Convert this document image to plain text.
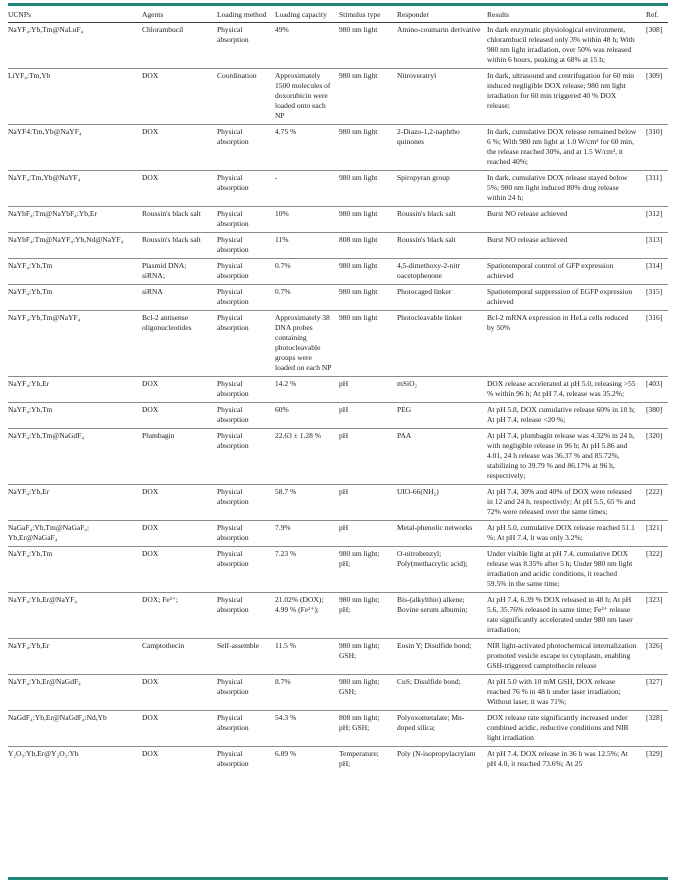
UCNPs	Agents	Loading method	Loading capacity	Stimulus type	Responder	Results	Ref.
NaYF₄:Yb,Tm@NaLuF₄	Chlorambucil	Physical absorption	49%	980 nm light	Amino-coumarin derivative	In dark enzymatic physiological environment, chlorambucil released only 3% within 48 h; With 980 nm light irradiation, over 50% was released within 6 hours, peaking at 68% at 15 h;	[308]
LiYF₄:Tm,Yb	DOX	Coordination	Approximately 1500 molecules of doxorubicin were loaded onto each NP	980 nm light	Nitroveratryl	In dark, ultrasound and centrifugation for 60 min induced negligible DOX release; 980 nm light irradiation for 60 min triggered 40 % DOX release;	[309]
NaYF4:Tm,Yb@NaYF₄	DOX	Physical absorption	4.75 %	980 nm light	2-Diazo-1,2-naphtho quinones	In dark, cumulative DOX release remained below 6 %; With 980 nm light at 1.0 W/cm² for 60 min, the release reached 30%, and at 1.5 W/cm², it reached 40%;	[310]
NaYF₄:Tm,Yb@NaYF₄	DOX	Physical absorption	-	980 nm light	Spiropyran group	In dark, cumulative DOX release stayed below 5%; 980 nm light induced 80% drug release within 24 h;	[311]
NaYbF₄:Tm@NaYbF₄:Yb,Er	Roussin's black salt	Physical absorption	10%	980 nm light	Roussin's black salt	Burst NO release achieved	[312]
NaYbF₄:Tm@NaYF₄:Yb,Nd@NaYF₄	Roussin's black salt	Physical absorption	11%	808 nm light	Roussin's black salt	Burst NO release achieved	[313]
NaYF₄:Yb,Tm	Plasmid DNA; siRNA;	Physical absorption	0.7%	980 nm light	4,5-dimethoxy-2-nitr oacetophenone	Spatiotemporal control of GFP expression achieved	[314]
NaYF₄:Yb,Tm	siRNA	Physical absorption	0.7%	980 nm light	Photocaged linker	Spatiotemporal suppression of EGFP expression achieved	[315]
NaYF₄:Yb,Tm@NaYF₄	Bcl-2 antisense oligonucleotides	Physical absorption	Approximately 38 DNA probes containing photocleavable groups were loaded on each NP	980 nm light	Photocleavable linker	Bcl-2 mRNA expression in HeLa cells reduced by 50%	[316]
NaYF₄:Yb,Er	DOX	Physical absorption	14.2 %	pH	mSiO₂	DOX release accelerated at pH 5.0, releasing >55 % within 96 h; At pH 7.4, release was 35.2%;	[403]
NaYF₄:Yb,Tm	DOX	Physical absorption	60%	pH	PEG	At pH 5.8, DOX cumulative release 60% in 10 h; At pH 7.4, release <20 %;	[380]
NaYF₄:Yb,Tm@NaGdF₄	Plumbagin	Physical absorption	22.63 ± 1.28 %	pH	PAA	At pH 7.4, plumbagin release was 4.32% in 24 h, with negligible release in 96 h; At pH 5.86 and 4.01, 24 h release was 36.37 % and 85.72%, stabilizing to 39.79 % and 86.17% at 96 h, respectively;	[320]
NaYF₄:Yb,Er	DOX	Physical absorption	58.7 %	pH	UIO-66(NH₂)	At pH 7.4, 30% and 40% of DOX were released in 12 and 24 h, respectively; At pH 5.5, 65 % and 72% were released over the same times;	[222]
NaGaF₄:Yb,Tm@NaGaF₄: Yb,Er@NaGaF₄	DOX	Physical absorption	7.9%	pH	Metal-phenolic networks	At pH 5.0, cumulative DOX release reached 51.1 %; At pH 7.4, it was only 3.2%;	[321]
NaYF₄:Yb,Tm	DOX	Physical absorption	7.23 %	980 nm light; pH;	O-nitrobenzyl; Poly(methacrylic acid);	Under visible light at pH 7.4, cumulative DOX release was 8.35% after 5 h; Under 980 nm light irradiation and acidic conditions, it reached 59.5% in the same time;	[322]
NaYF₄:Yb,Er@NaYF₄	DOX; Fe²⁺;	Physical absorption	21.02% (DOX); 4.99 % (Fe²⁺);	980 nm light; pH;	Bis-(alkylthio) alkene; Bovine serum albumin;	At pH 7.4, 6.39 % DOX released in 48 h; At pH 5.6, 35.76% released in same time; Fe²⁺ release rate significantly accelerated under 980 nm laser irradiation;	[323]
NaYF₄:Yb,Er	Camptothecin	Self-assemble	11.5 %	980 nm light; GSH;	Eosin Y; Disulfide bond;	NIR light-activated photochemical internalization promoted vesicle escape to cytoplasm, enabling GSH-triggered camptothecin release	[326]
NaYF₄:Yb,Er@NaGdF₄	DOX	Physical absorption	8.7%	980 nm light; GSH;	CuS; Disulfide bond;	At pH 5.0 with 10 mM GSH, DOX release reached 76 % in 48 h under laser irradiation; Without laser, it was 71%;	[327]
NaGdF₄:Yb,Er@NaGdF₄:Nd,Yb	DOX	Physical absorption	54.3 %	808 nm light; pH; GSH;	Polyoxometalate; Mn-doped silica;	DOX release rate significantly increased under combined acidic, reductive conditions and NIR light irradiation	[328]
Y₂O₃:Yb,Er@Y₂O₃:Yb	DOX	Physical absorption	6.89 %	Temperature; pH;	Poly (N-isopropylacrylam	At pH 7.4, DOX release in 36 h was 12.5%; At pH 4.0, it reached 73.6%; At 25	[329]
